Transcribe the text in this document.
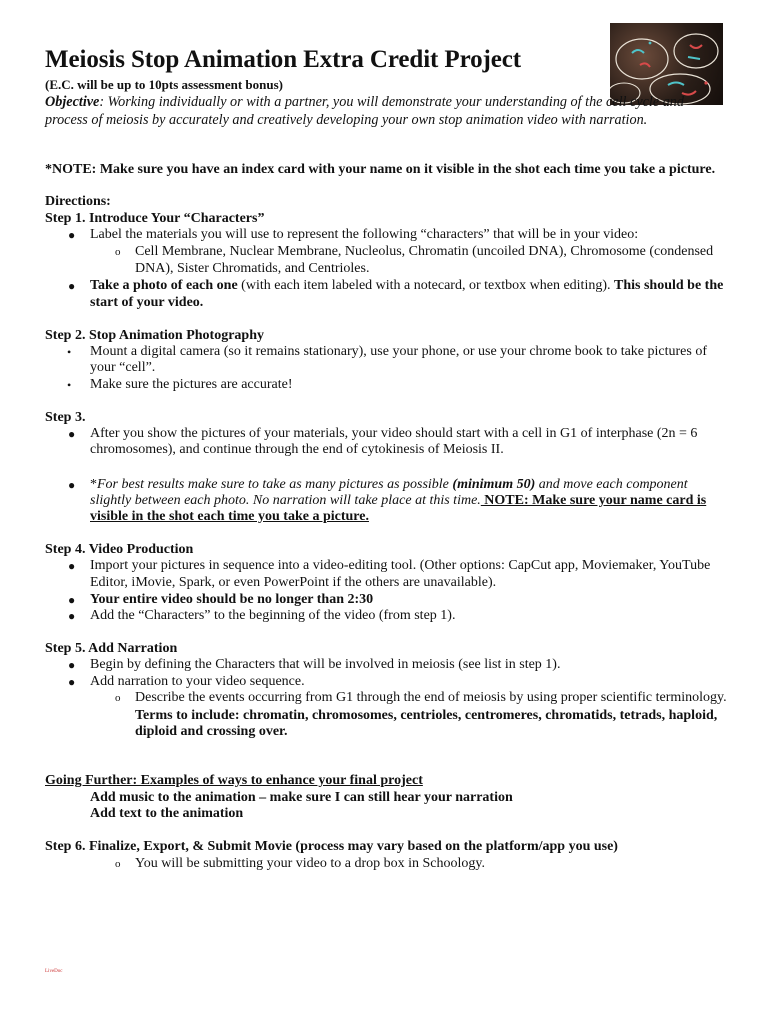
Meiosis Stop Animation Extra Credit Project
(E.C. will be up to 10pts assessment bonus)
Objective: Working individually or with a partner, you will demonstrate your understanding of the cell cycle and process of meiosis by accurately and creatively developing your own stop animation video with narration.
*NOTE: Make sure you have an index card with your name on it visible in the shot each time you take a picture.
Directions:
Step 1. Introduce Your “Characters”
● Label the materials you will use to represent the following “characters” that will be in your video:
o Cell Membrane, Nuclear Membrane, Nucleolus, Chromatin (uncoiled DNA), Chromosome (condensed
DNA), Sister Chromatids, and Centrioles.
● Take a photo of each one (with each item labeled with a notecard, or textbox when editing). This should be the
start of your video.
Step 2. Stop Animation Photography
• Mount a digital camera (so it remains stationary), use your phone, or use your chrome book to take pictures of
your “cell”.
• Make sure the pictures are accurate!
Step 3.
● After you show the pictures of your materials, your video should start with a cell in G1 of interphase (2n = 6
chromosomes), and continue through the end of cytokinesis of Meiosis II.
● *For best results make sure to take as many pictures as possible (minimum 50) and move each component
slightly between each photo. No narration will take place at this time. NOTE: Make sure your name card is
visible in the shot each time you take a picture.
Step 4. Video Production
● Import your pictures in sequence into a video-editing tool. (Other options: CapCut app, Moviemaker, YouTube
Editor, iMovie, Spark, or even PowerPoint if the others are unavailable).
● Your entire video should be no longer than 2:30
● Add the “Characters” to the beginning of the video (from step 1).
Step 5. Add Narration
● Begin by defining the Characters that will be involved in meiosis (see list in step 1).
● Add narration to your video sequence.
o Describe the events occurring from G1 through the end of meiosis by using proper scientific terminology.
Terms to include: chromatin, chromosomes, centrioles, centromeres, chromatids, tetrads, haploid,
diploid and crossing over.
Going Further: Examples of ways to enhance your final project
Add music to the animation – make sure I can still hear your narration
Add text to the animation
Step 6. Finalize, Export, & Submit Movie (process may vary based on the platform/app you use)
o You will be submitting your video to a drop box in Schoology.
LiveDoc
